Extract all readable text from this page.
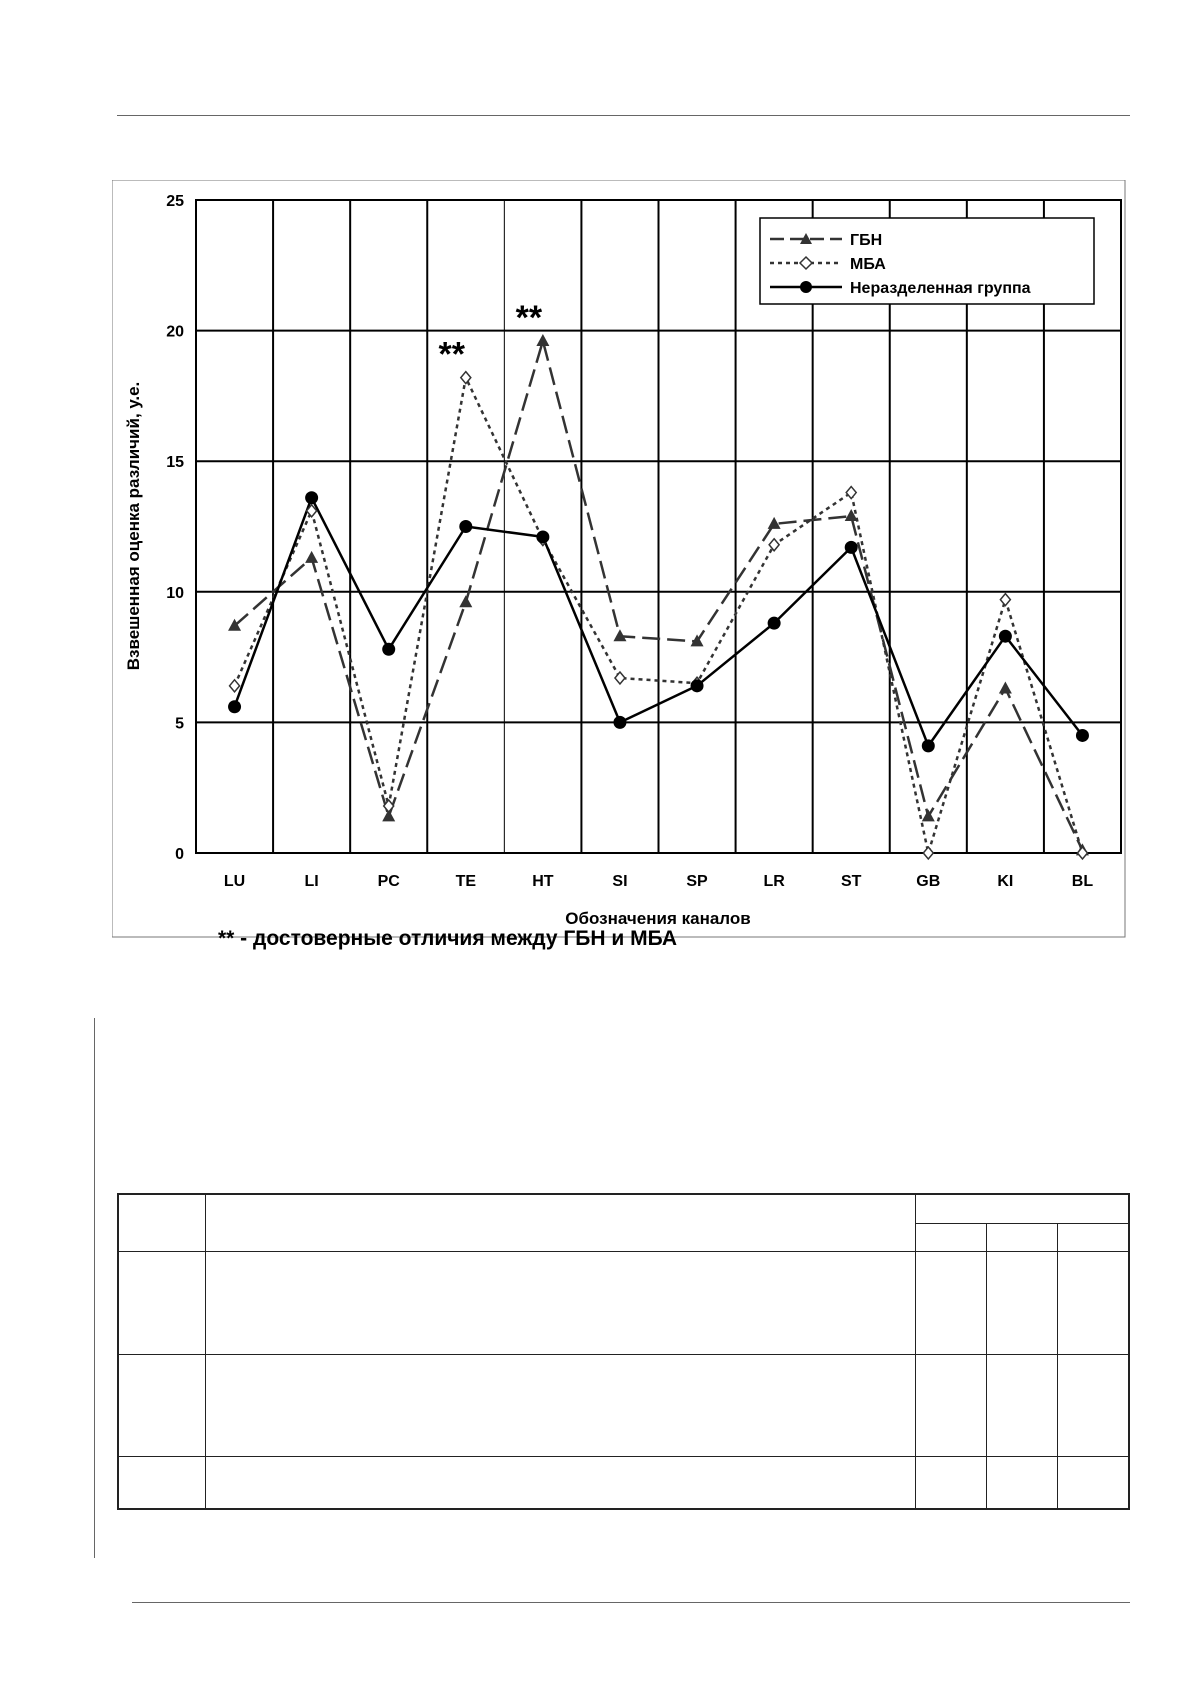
0
5
10
15
20
25
LU	LI	PC	TE	HT	SI	SP	LR	ST	GB	KI	BL
**
**
Обозначения каналов
Взвешенная оценка различий, у.е.
ГБН
МБА
Неразделенная группа
** - достоверные отличия между ГБН и МБА
